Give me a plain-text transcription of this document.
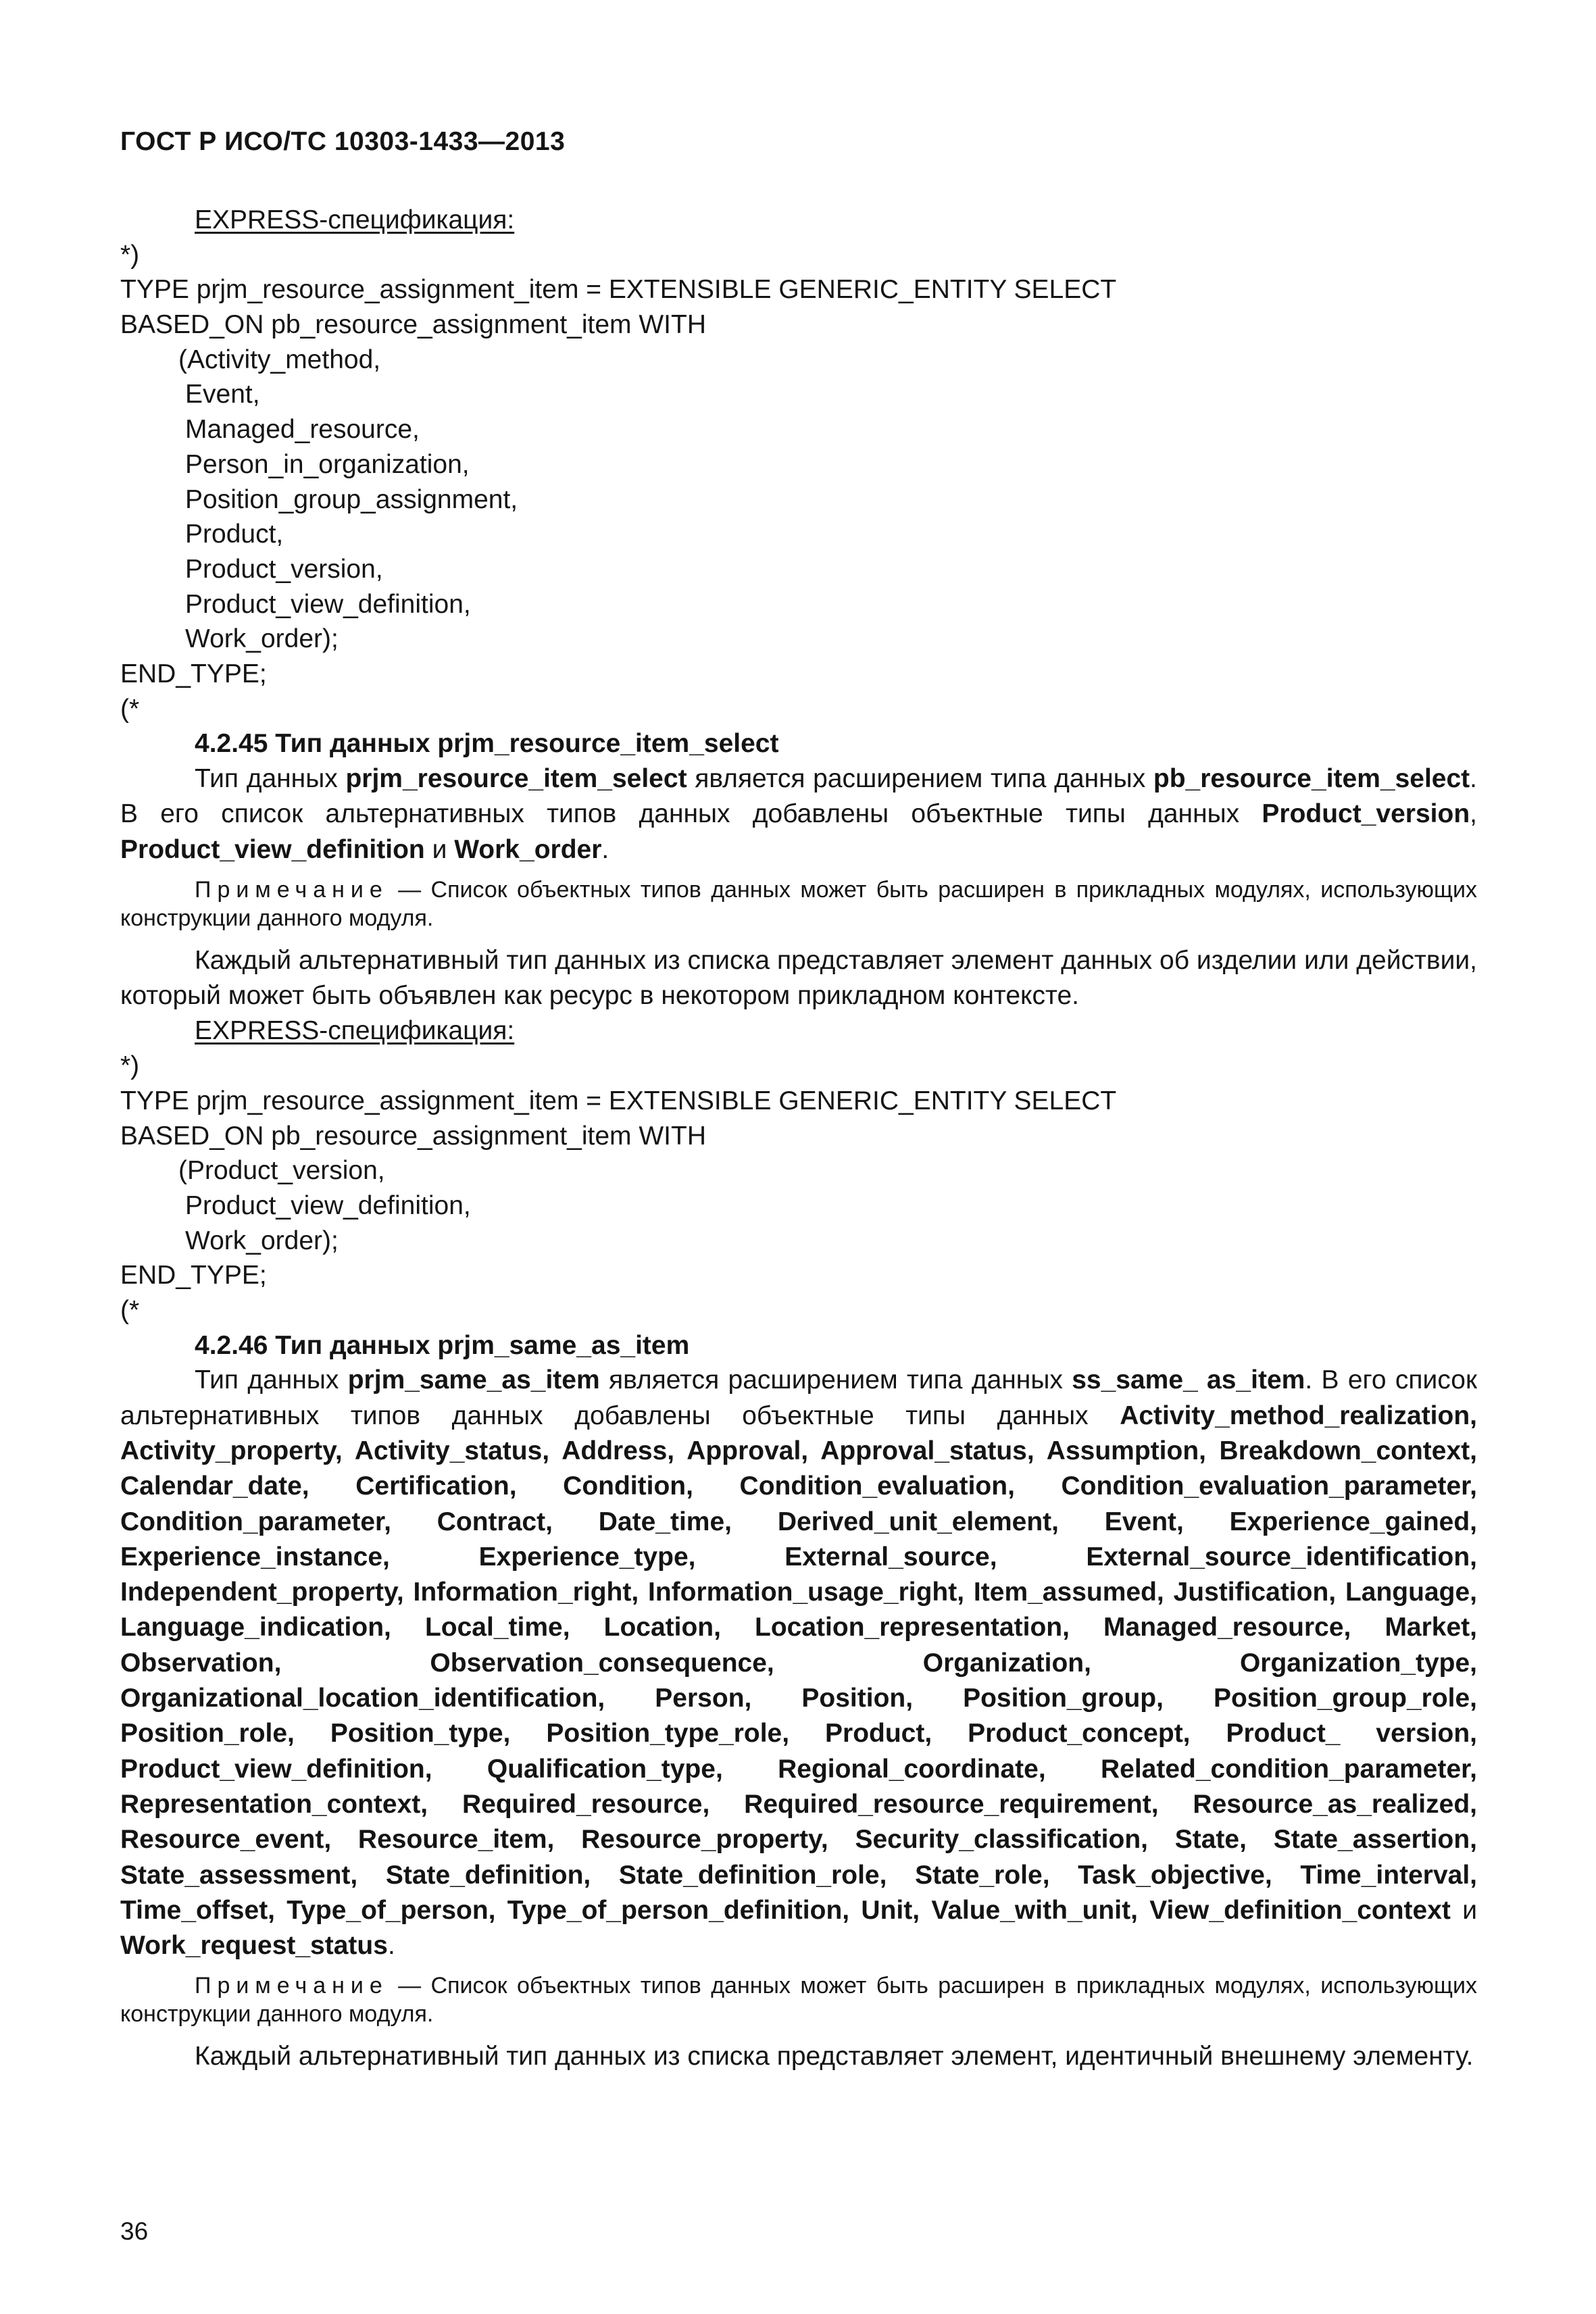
ГОСТ Р ИСО/ТС 10303-1433—2013
EXPRESS-спецификация:
*)
TYPE prjm_resource_assignment_item = EXTENSIBLE GENERIC_ENTITY SELECT
BASED_ON pb_resource_assignment_item WITH
(Activity_method,
Event,
Managed_resource,
Person_in_organization,
Position_group_assignment,
Product,
Product_version,
Product_view_definition,
Work_order);
END_TYPE;
(*
4.2.45 Тип данных prjm_resource_item_select

Тип данных prjm_resource_item_select является расширением типа данных pb_resource_item_select. В его список альтернативных типов данных добавлены объектные типы данных Product_version, Product_view_definition и Work_order.

Примечание — Список объектных типов данных может быть расширен в прикладных модулях, использующих конструкции данного модуля.

Каждый альтернативный тип данных из списка представляет элемент данных об изделии или действии, который может быть объявлен как ресурс в некотором прикладном контексте.

EXPRESS-спецификация:
*)
TYPE prjm_resource_assignment_item = EXTENSIBLE GENERIC_ENTITY SELECT
BASED_ON pb_resource_assignment_item WITH
(Product_version,
Product_view_definition,
Work_order);
END_TYPE;
(*
4.2.46 Тип данных prjm_same_as_item

Тип данных prjm_same_as_item является расширением типа данных ss_same_ as_item. В его список альтернативных типов данных добавлены объектные типы данных Activity_method_realization, Activity_property, Activity_status, Address, Approval, Approval_status, Assumption, Breakdown_context, Calendar_date, Certification, Condition, Condition_evaluation, Condition_evaluation_parameter, Condition_parameter, Contract, Date_time, Derived_unit_element, Event, Experience_gained, Experience_instance, Experience_type, External_source, External_source_identification, Independent_property, Information_right, Information_usage_right, Item_assumed, Justification, Language, Language_indication, Local_time, Location, Location_representation, Managed_resource, Market, Observation, Observation_consequence, Organization, Organization_type, Organizational_location_identification, Person, Position, Position_group, Position_group_role, Position_role, Position_type, Position_type_role, Product, Product_concept, Product_ version, Product_view_definition, Qualification_type, Regional_coordinate, Related_condition_parameter, Representation_context, Required_resource, Required_resource_requirement, Resource_as_realized, Resource_event, Resource_item, Resource_property, Security_classification, State, State_assertion, State_assessment, State_definition, State_definition_role, State_role, Task_objective, Time_interval, Time_offset, Type_of_person, Type_of_person_definition, Unit, Value_with_unit, View_definition_context и Work_request_status.

Примечание — Список объектных типов данных может быть расширен в прикладных модулях, использующих конструкции данного модуля.

Каждый альтернативный тип данных из списка представляет элемент, идентичный внешнему элементу.

36
